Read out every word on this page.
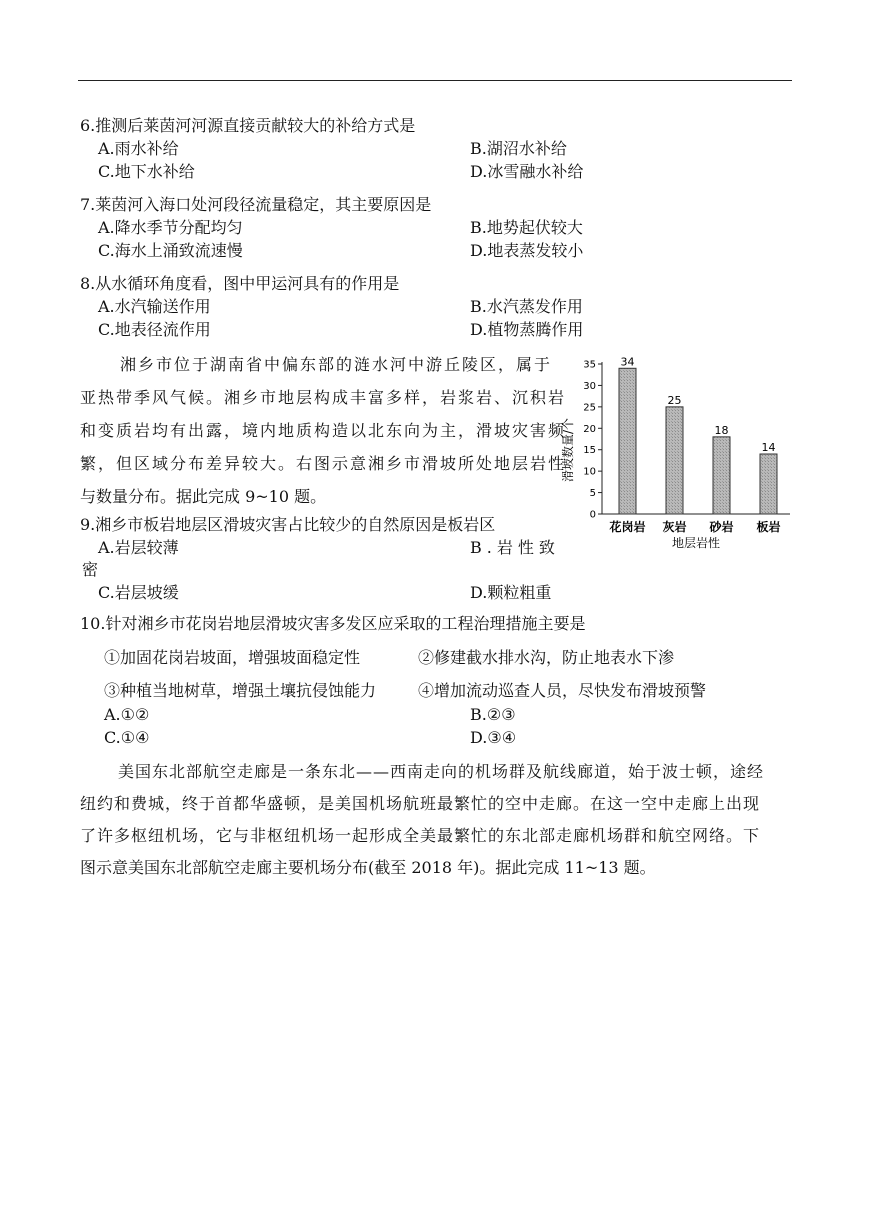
6.推测后莱茵河河源直接贡献较大的补给方式是
A.雨水补给	B.湖沼水补给
C.地下水补给	D.冰雪融水补给
7.莱茵河入海口处河段径流量稳定，其主要原因是
A.降水季节分配均匀	B.地势起伏较大
C.海水上涌致流速慢	D.地表蒸发较小
8.从水循环角度看，图中甲运河具有的作用是
A.水汽输送作用	B.水汽蒸发作用
C.地表径流作用	D.植物蒸腾作用
湘乡市位于湖南省中偏东部的涟水河中游丘陵区，属于
亚热带季风气候。湘乡市地层构成丰富多样，岩浆岩、沉积岩
和变质岩均有出露，境内地质构造以北东向为主，滑坡灾害频
繁，但区域分布差异较大。右图示意湘乡市滑坡所处地层岩性
与数量分布。据此完成 9~10 题。
滑坡数量/个
0
5
10
15
20
25
30
35 34
25
18
14
花岗岩 灰岩 砂岩 板岩
地层岩性
9.湘乡市板岩地层区滑坡灾害占比较少的自然原因是板岩区
A.岩层较薄	B.岩性致
密
C.岩层坡缓	D.颗粒粗重
10.针对湘乡市花岗岩地层滑坡灾害多发区应采取的工程治理措施主要是
①加固花岗岩坡面，增强坡面稳定性	②修建截水排水沟，防止地表水下渗
③种植当地树草，增强土壤抗侵蚀能力	④增加流动巡查人员，尽快发布滑坡预警
A.①②	B.②③
C.①④	D.③④
美国东北部航空走廊是一条东北——西南走向的机场群及航线廊道，始于波士顿，途经
纽约和费城，终于首都华盛顿，是美国机场航班最繁忙的空中走廊。在这一空中走廊上出现
了许多枢纽机场，它与非枢纽机场一起形成全美最繁忙的东北部走廊机场群和航空网络。下
图示意美国东北部航空走廊主要机场分布(截至 2018 年)。据此完成 11~13 题。
